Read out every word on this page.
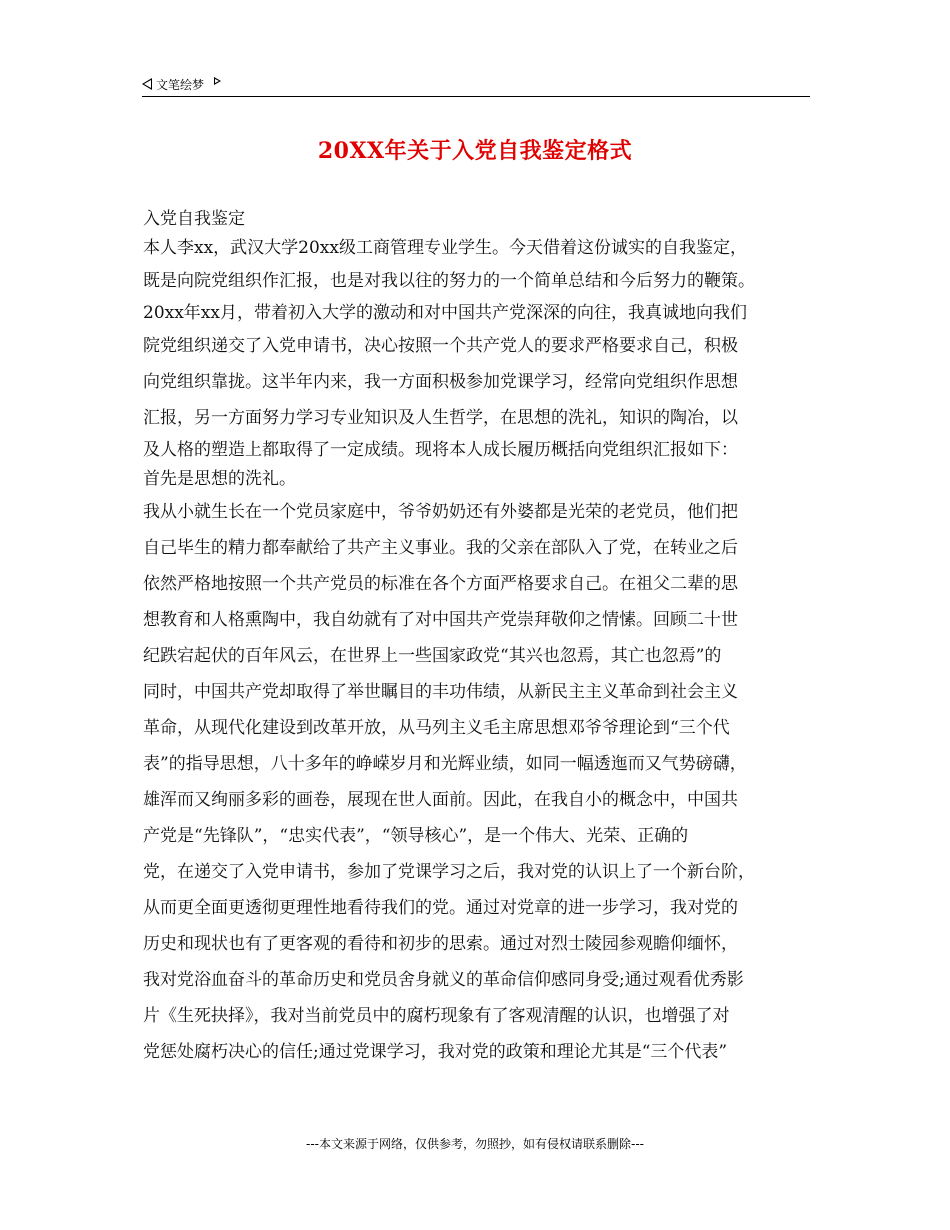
文笔绘梦
20XX年关于入党自我鉴定格式
入党自我鉴定
本人李xx，武汉大学20xx级工商管理专业学生。今天借着这份诚实的自我鉴定，
既是向院党组织作汇报，也是对我以往的努力的一个简单总结和今后努力的鞭策。
20xx年xx月，带着初入大学的激动和对中国共产党深深的向往，我真诚地向我们
院党组织递交了入党申请书，决心按照一个共产党人的要求严格要求自己，积极
向党组织靠拢。这半年内来，我一方面积极参加党课学习，经常向党组织作思想
汇报，另一方面努力学习专业知识及人生哲学，在思想的洗礼，知识的陶冶，以
及人格的塑造上都取得了一定成绩。现将本人成长履历概括向党组织汇报如下：
首先是思想的洗礼。
我从小就生长在一个党员家庭中，爷爷奶奶还有外婆都是光荣的老党员，他们把
自己毕生的精力都奉献给了共产主义事业。我的父亲在部队入了党，在转业之后
依然严格地按照一个共产党员的标准在各个方面严格要求自己。在祖父二辈的思
想教育和人格熏陶中，我自幼就有了对中国共产党崇拜敬仰之情愫。回顾二十世
纪跌宕起伏的百年风云，在世界上一些国家政党“其兴也忽焉，其亡也忽焉”的
同时，中国共产党却取得了举世瞩目的丰功伟绩，从新民主主义革命到社会主义
革命，从现代化建设到改革开放，从马列主义毛主席思想邓爷爷理论到“三个代
表”的指导思想，八十多年的峥嵘岁月和光辉业绩，如同一幅透迤而又气势磅礴，
雄浑而又绚丽多彩的画卷，展现在世人面前。因此，在我自小的概念中，中国共
产党是“先锋队”，“忠实代表”，“领导核心”，是一个伟大、光荣、正确的
党，在递交了入党申请书，参加了党课学习之后，我对党的认识上了一个新台阶，
从而更全面更透彻更理性地看待我们的党。通过对党章的进一步学习，我对党的
历史和现状也有了更客观的看待和初步的思索。通过对烈士陵园参观瞻仰缅怀，
我对党浴血奋斗的革命历史和党员舍身就义的革命信仰感同身受;通过观看优秀影
片《生死抉择》，我对当前党员中的腐朽现象有了客观清醒的认识，也增强了对
党惩处腐朽决心的信任;通过党课学习，我对党的政策和理论尤其是“三个代表”
---本文来源于网络，仅供参考，勿照抄，如有侵权请联系删除---
